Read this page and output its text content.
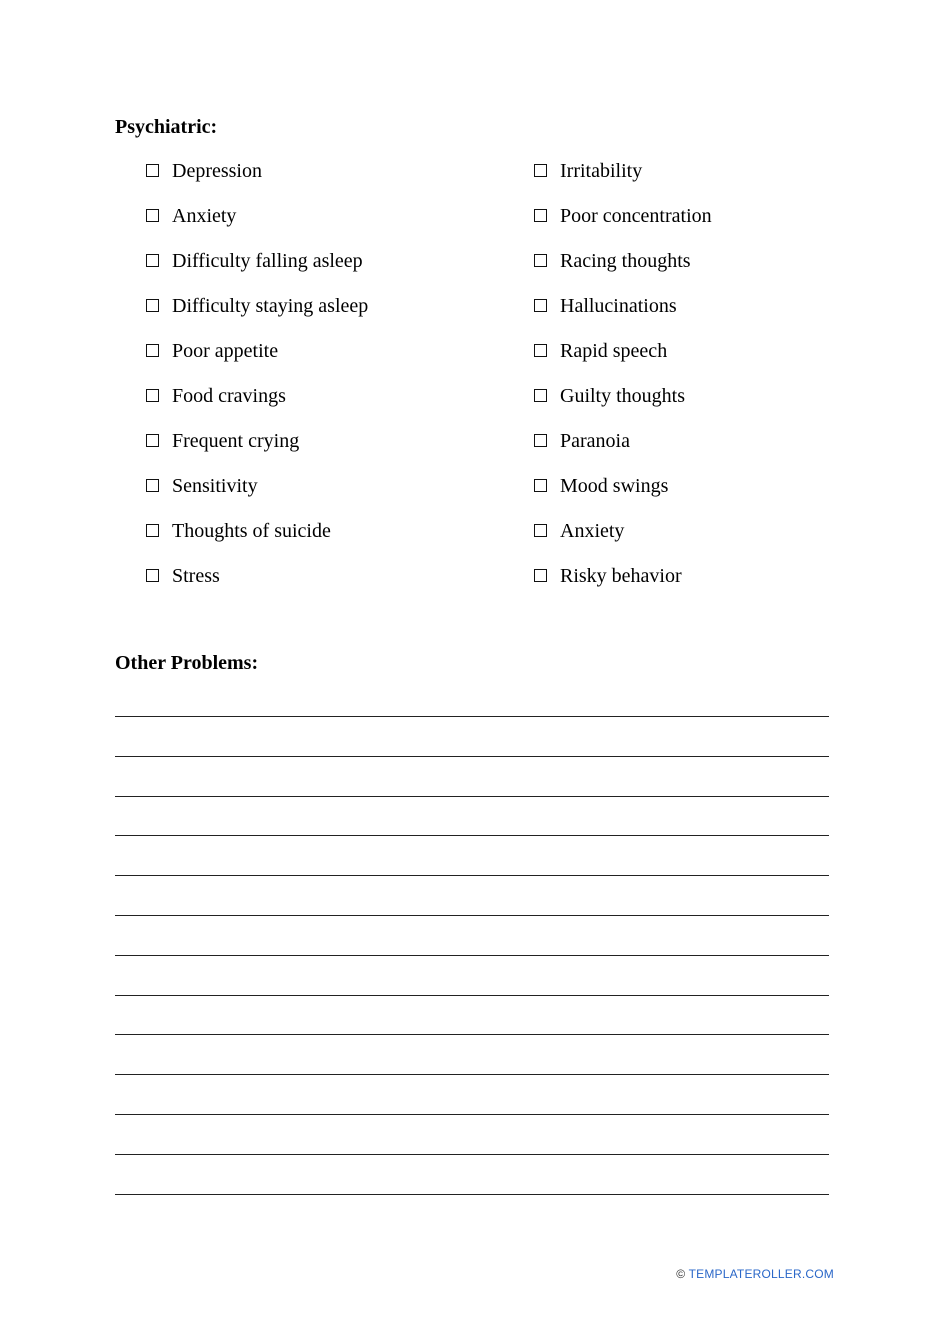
Psychiatric:
Depression
Anxiety
Difficulty falling asleep
Difficulty staying asleep
Poor appetite
Food cravings
Frequent crying
Sensitivity
Thoughts of suicide
Stress
Irritability
Poor concentration
Racing thoughts
Hallucinations
Rapid speech
Guilty thoughts
Paranoia
Mood swings
Anxiety
Risky behavior
Other Problems:
© TEMPLATEROLLER.COM
